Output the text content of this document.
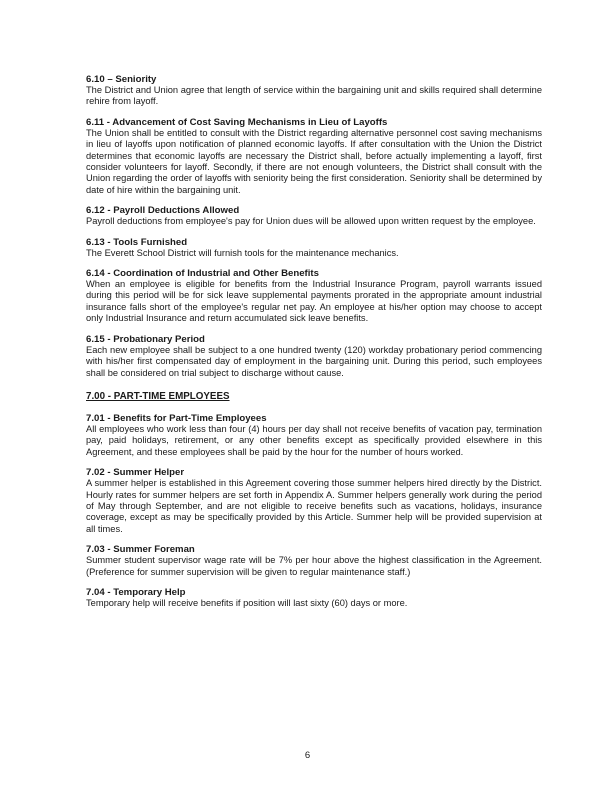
6.10 – Seniority

The District and Union agree that length of service within the bargaining unit and skills required shall determine rehire from layoff.

6.11 - Advancement of Cost Saving Mechanisms in Lieu of Layoffs

The Union shall be entitled to consult with the District regarding alternative personnel cost saving mechanisms in lieu of layoffs upon notification of planned economic layoffs. If after consultation with the Union the District determines that economic layoffs are necessary the District shall, before actually implementing a layoff, first consider volunteers for layoff. Secondly, if there are not enough volunteers, the District shall consult with the Union regarding the order of layoffs with seniority being the first consideration. Seniority shall be determined by date of hire within the bargaining unit.

6.12 - Payroll Deductions Allowed

Payroll deductions from employee's pay for Union dues will be allowed upon written request by the employee.

6.13 - Tools Furnished

The Everett School District will furnish tools for the maintenance mechanics.

6.14 - Coordination of Industrial and Other Benefits

When an employee is eligible for benefits from the Industrial Insurance Program, payroll warrants issued during this period will be for sick leave supplemental payments prorated in the appropriate amount industrial insurance falls short of the employee's regular net pay. An employee at his/her option may choose to accept only Industrial Insurance and return accumulated sick leave benefits.

6.15 - Probationary Period

Each new employee shall be subject to a one hundred twenty (120) workday probationary period commencing with his/her first compensated day of employment in the bargaining unit. During this period, such employees shall be considered on trial subject to discharge without cause.

7.00 - PART-TIME EMPLOYEES

7.01 - Benefits for Part-Time Employees

All employees who work less than four (4) hours per day shall not receive benefits of vacation pay, termination pay, paid holidays, retirement, or any other benefits except as specifically provided elsewhere in this Agreement, and these employees shall be paid by the hour for the number of hours worked.

7.02 - Summer Helper

A summer helper is established in this Agreement covering those summer helpers hired directly by the District. Hourly rates for summer helpers are set forth in Appendix A. Summer helpers generally work during the period of May through September, and are not eligible to receive benefits such as vacations, holidays, insurance coverage, except as may be specifically provided by this Article. Summer help will be provided supervision at all times.

7.03 - Summer Foreman

Summer student supervisor wage rate will be 7% per hour above the highest classification in the Agreement. (Preference for summer supervision will be given to regular maintenance staff.)

7.04 - Temporary Help

Temporary help will receive benefits if position will last sixty (60) days or more.

6
